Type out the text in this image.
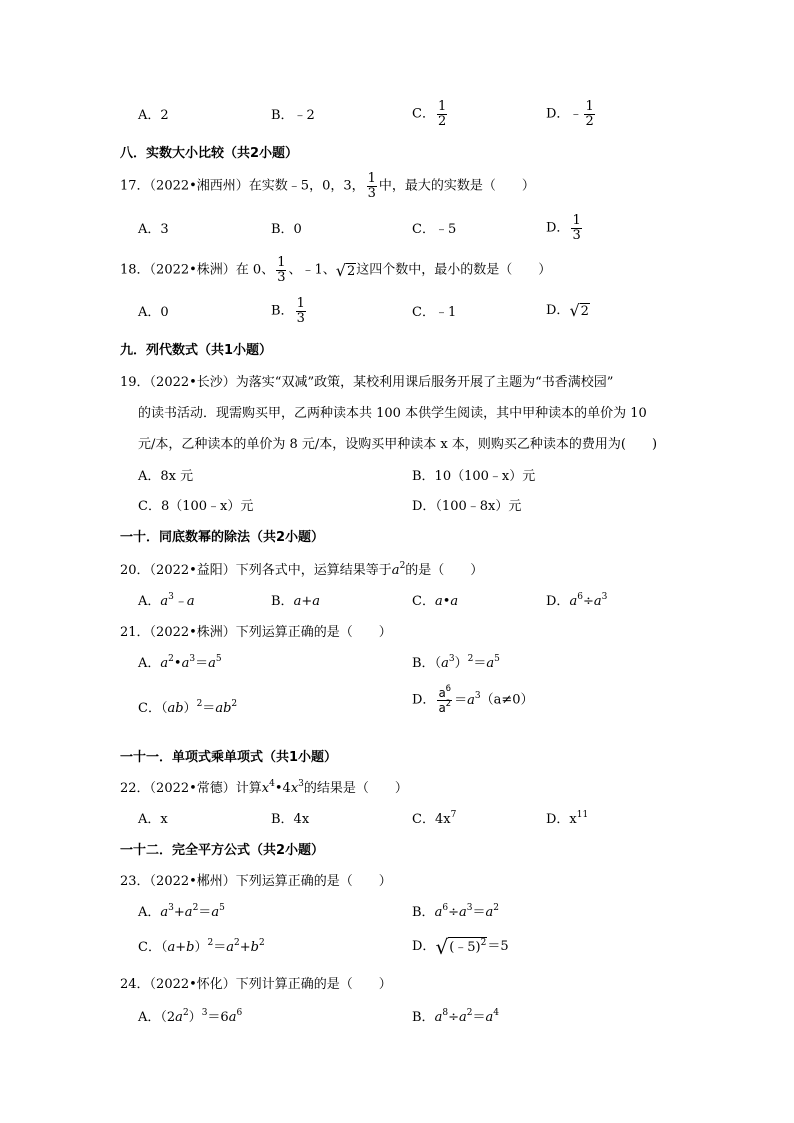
A．2	B．﹣2	C． $\frac{1}{2}$	D．﹣ $\frac{1}{2}$
八．实数大小比较（共2小题）
17．（2022•湘西州）在实数﹣5，0，3， $\frac{1}{3}$ 中，最大的实数是（　　）
A．3	B．0	C．﹣5	D． $\frac{1}{3}$
18．（2022•株洲）在 0、 $\frac{1}{3}$ 、﹣1、 √ 2 这四个数中，最小的数是（　　）
A．0	B． $\frac{1}{3}$	C．﹣1	D． √ 2
九．列代数式（共1小题）
19．（2022•长沙）为落实“双减”政策，某校利用课后服务开展了主题为“书香满校园”
的读书活动．现需购买甲，乙两种读本共 100 本供学生阅读，其中甲种读本的单价为 10
元/本，乙种读本的单价为 8 元/本，设购买甲种读本 x 本，则购买乙种读本的费用为(　　)
A．8x 元	B．10（100﹣x）元
C．8（100﹣x）元	D．（100﹣8x）元
一十．同底数幂的除法（共2小题）
20．（2022•益阳）下列各式中，运算结果等于$a^2$的是（　　）
A．$a^3﹣a$	B．a+a	C．a•a	D．$a^6\div a^3$
21．（2022•株洲）下列运算正确的是（　　）
A．$a^2•a^3=a^5$	B．$(a^3)^2=a^5$
C．$(ab)^2=ab^2$	D． $\frac{a^6}{a^2} =a^3(a\ne 0)$
一十一．单项式乘单项式（共1小题）
22．（2022•常德）计算$x^4•4x^3$的结果是（　　）
A．x	B．4x	C．$4x^7$	D．$x^{11}$
一十二．完全平方公式（共2小题）
23．（2022•郴州）下列运算正确的是（　　）
A．$a^3+a^2=a^5$	B．$a^6\div a^3=a^2$
C．$(a+b)^2=a^2+b^2$	D． √ (﹣5)$^2$ ＝5
24．（2022•怀化）下列计算正确的是（　　）
A．$(2a^2)^3=6a^6$	B．$a^8\div a^2=a^4$
